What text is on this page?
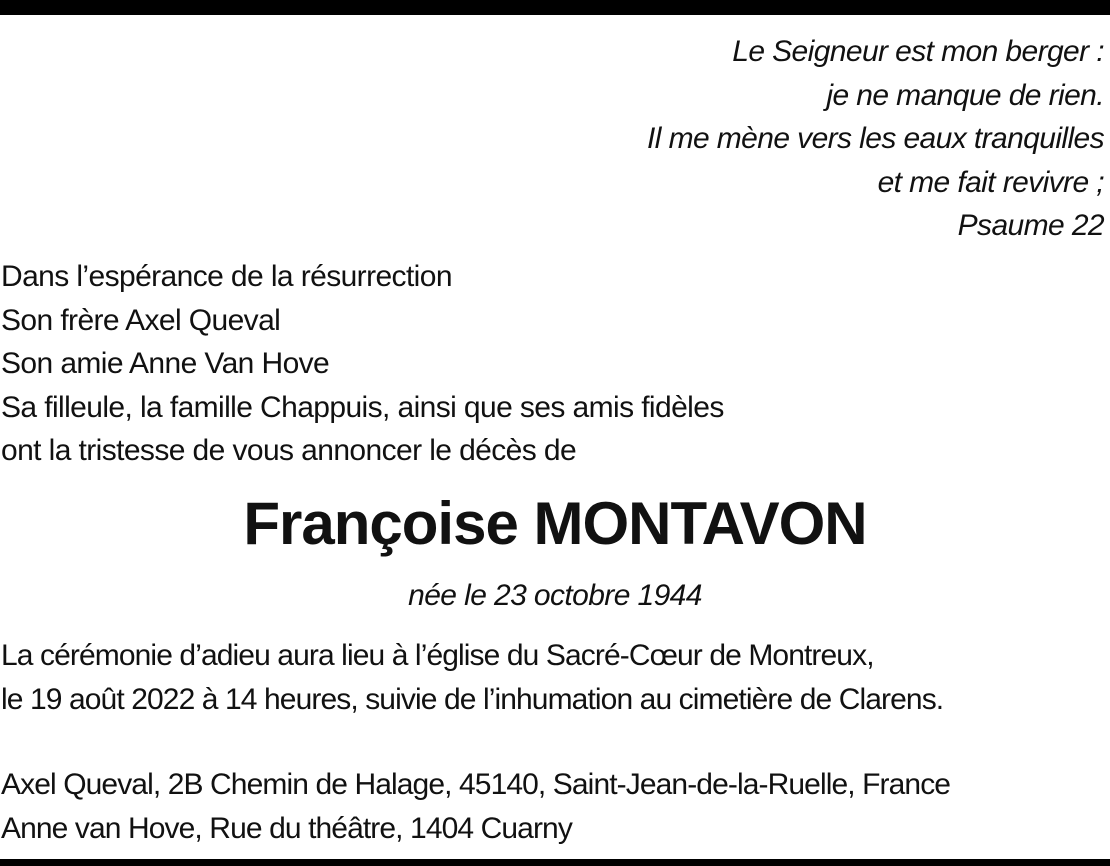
Le Seigneur est mon berger :
je ne manque de rien.
Il me mène vers les eaux tranquilles
et me fait revivre ;
Psaume 22
Dans l’espérance de la résurrection
Son frère Axel Queval
Son amie Anne Van Hove
Sa filleule, la famille Chappuis, ainsi que ses amis fidèles
ont la tristesse de vous annoncer le décès de
Françoise MONTAVON
née le 23 octobre 1944
La cérémonie d’adieu aura lieu à l’église du Sacré-Cœur de Montreux,
le 19 août 2022 à 14 heures, suivie de l’inhumation au cimetière de Clarens.
Axel Queval, 2B Chemin de Halage, 45140, Saint-Jean-de-la-Ruelle, France
Anne van Hove, Rue du théâtre, 1404 Cuarny
